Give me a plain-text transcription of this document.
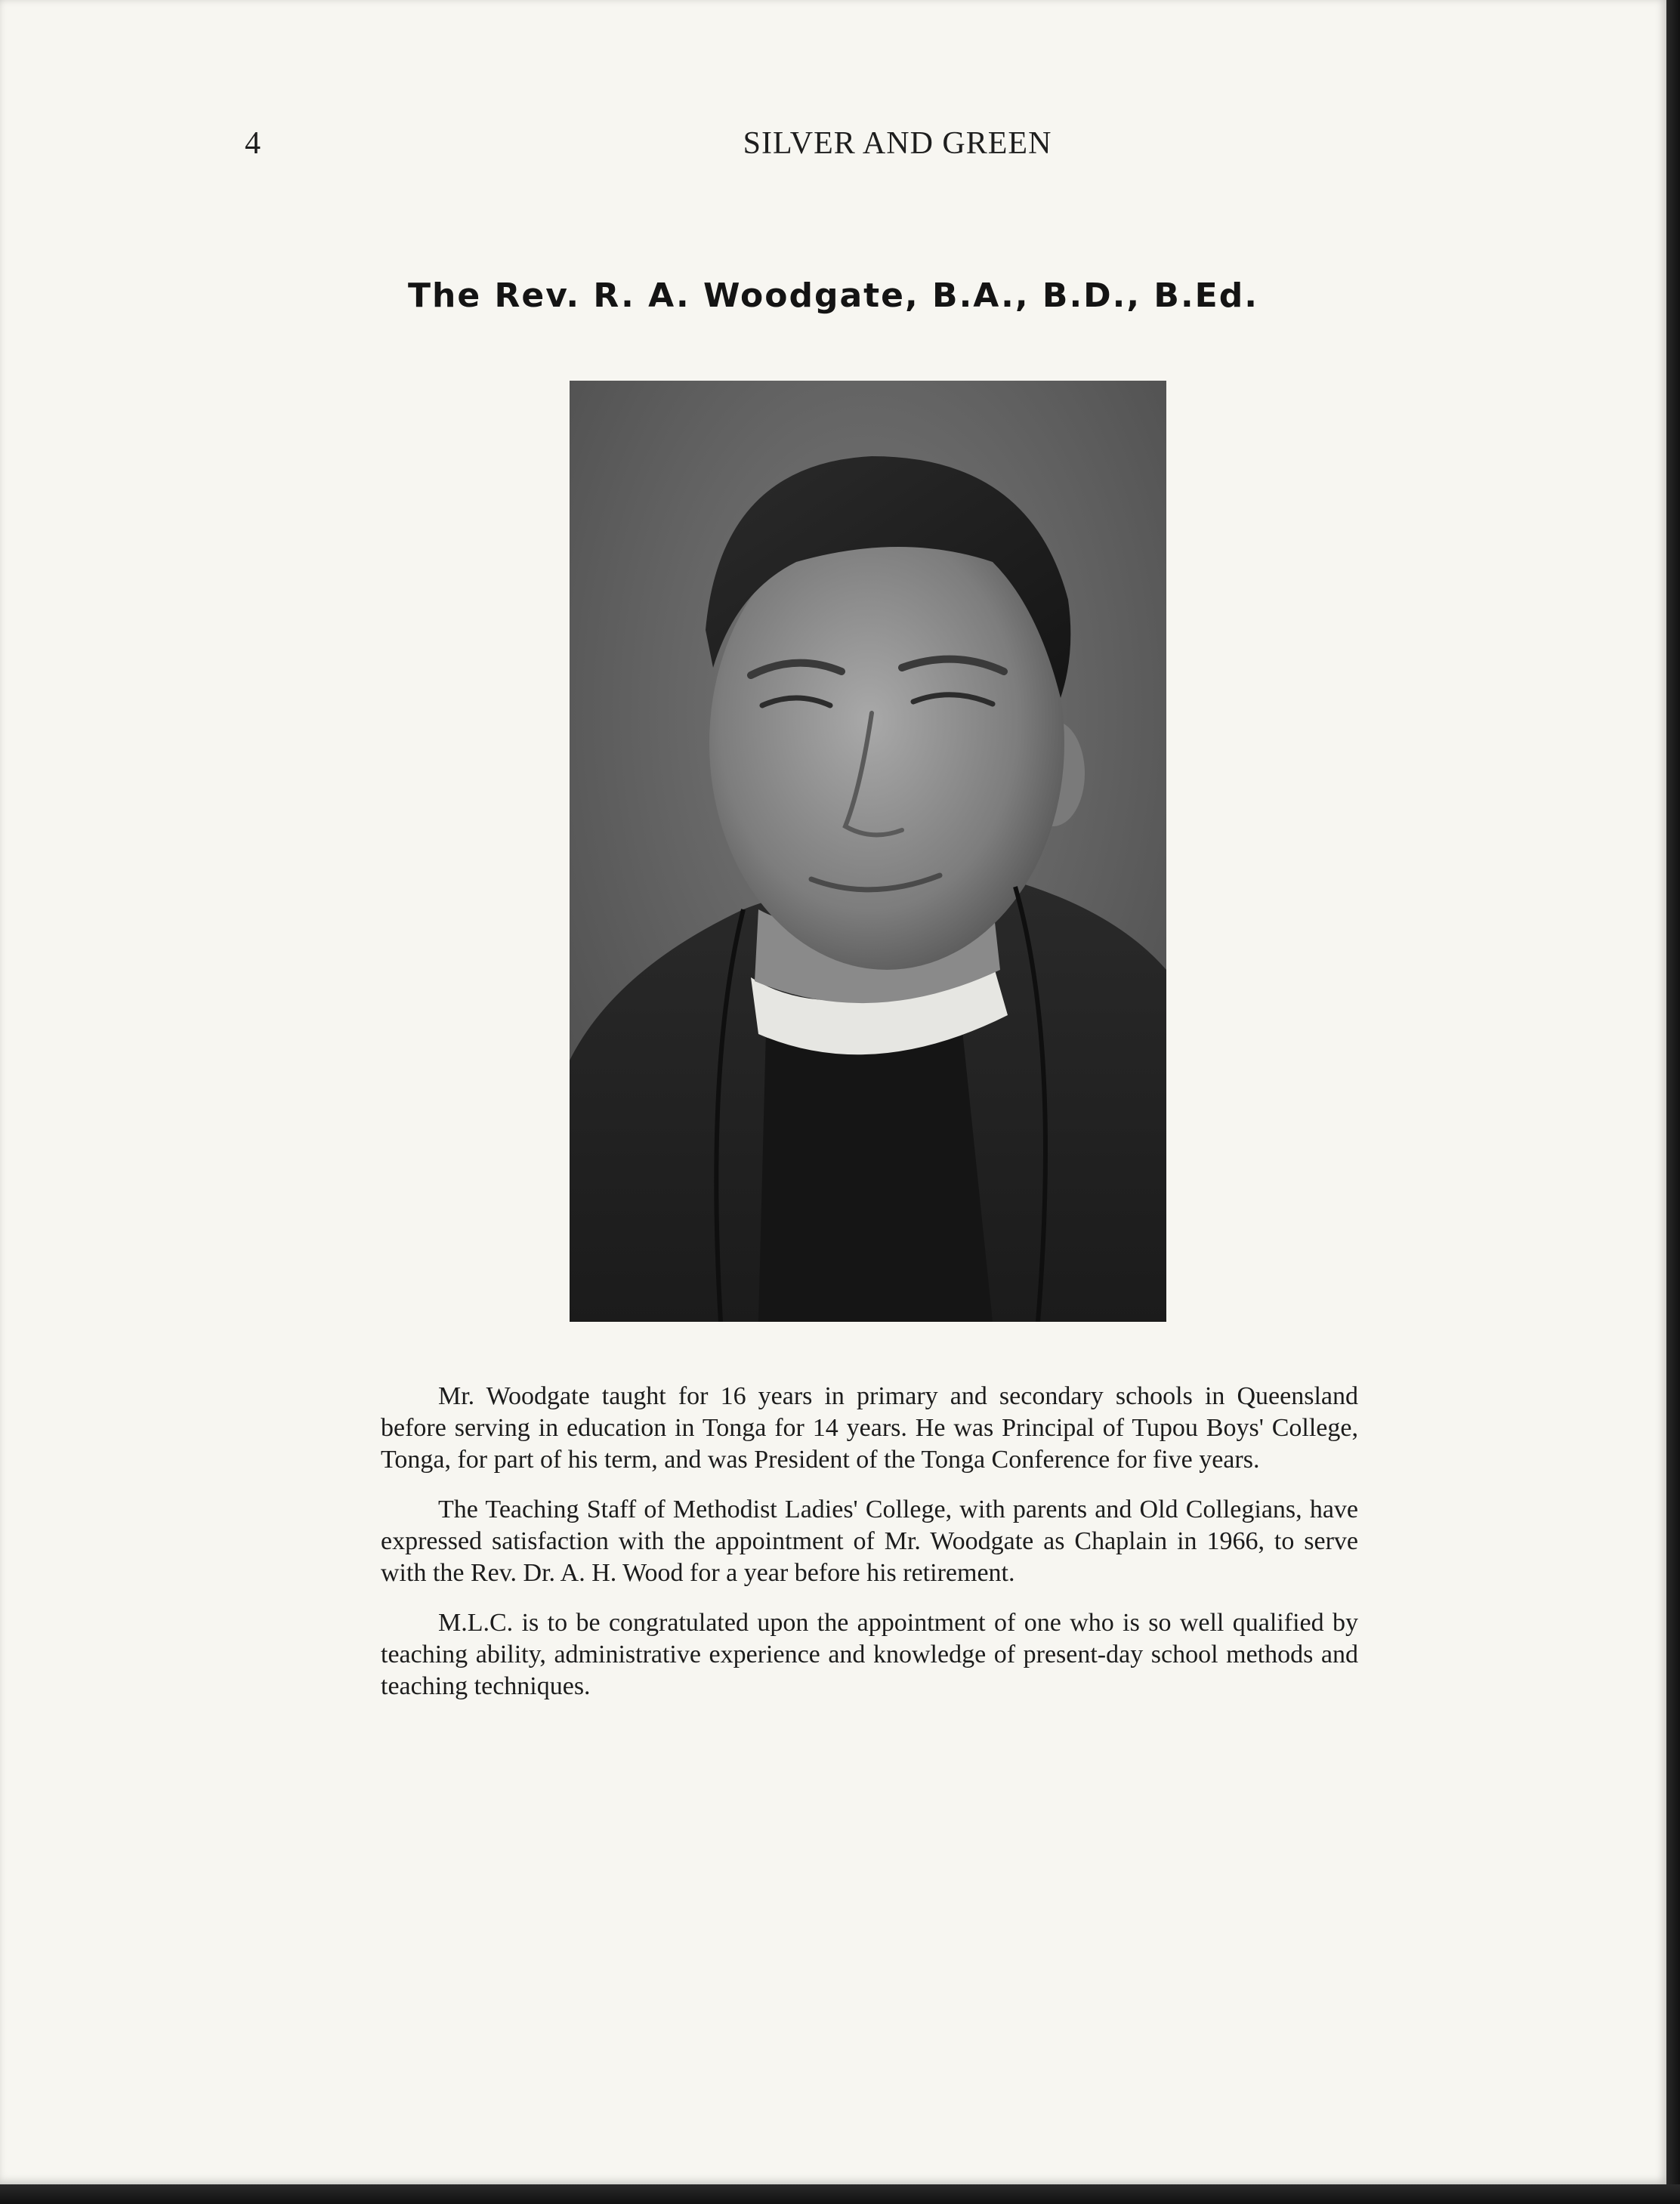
4	SILVER AND GREEN
The Rev. R. A. Woodgate, B.A., B.D., B.Ed.

Mr. Woodgate taught for 16 years in primary and secondary schools in Queensland before serving in education in Tonga for 14 years. He was Principal of Tupou Boys' College, Tonga, for part of his term, and was President of the Tonga Conference for five years.

The Teaching Staff of Methodist Ladies' College, with parents and Old Collegians, have expressed satisfaction with the appointment of Mr. Woodgate as Chaplain in 1966, to serve with the Rev. Dr. A. H. Wood for a year before his retirement.

M.L.C. is to be congratulated upon the appointment of one who is so well qualified by teaching ability, administrative experience and knowledge of present-day school methods and teaching techniques.
